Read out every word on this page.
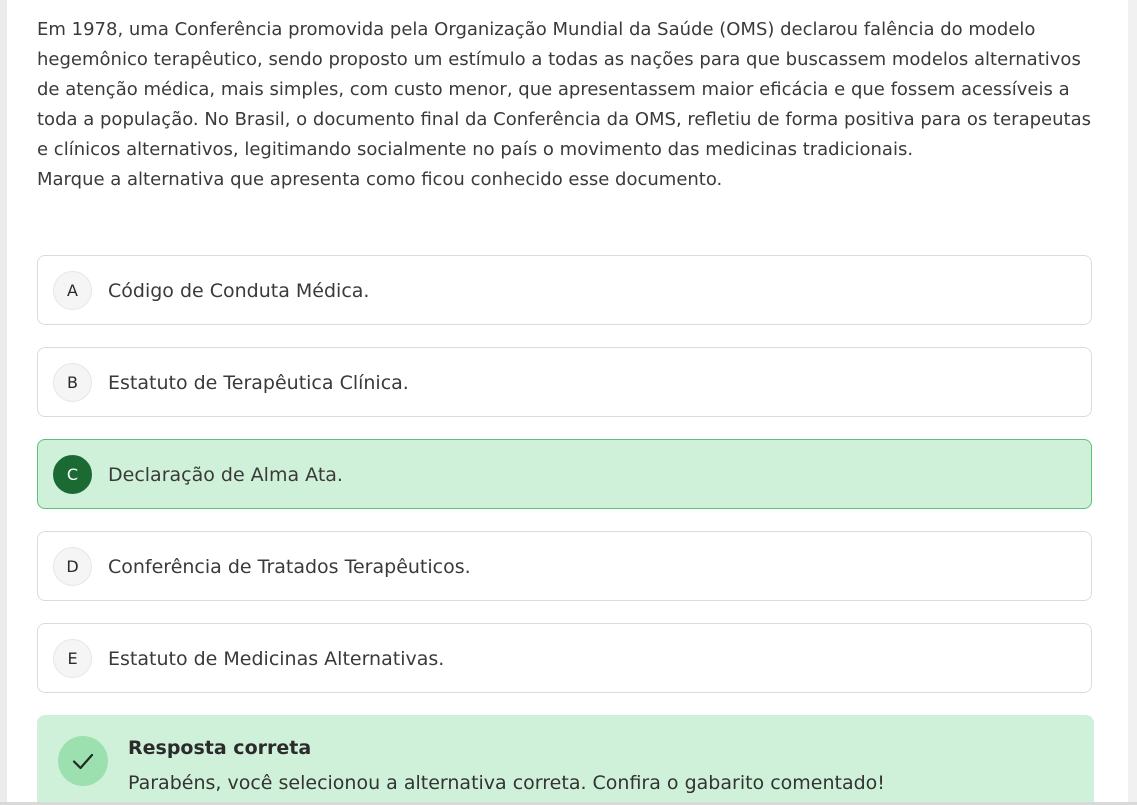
Em 1978, uma Conferência promovida pela Organização Mundial da Saúde (OMS) declarou falência do modelo hegemônico terapêutico, sendo proposto um estímulo a todas as nações para que buscassem modelos alternativos de atenção médica, mais simples, com custo menor, que apresentassem maior eficácia e que fossem acessíveis a toda a população. No Brasil, o documento final da Conferência da OMS, refletiu de forma positiva para os terapeutas e clínicos alternativos, legitimando socialmente no país o movimento das medicinas tradicionais.

Marque a alternativa que apresenta como ficou conhecido esse documento.

A	Código de Conduta Médica.
B	Estatuto de Terapêutica Clínica.
C	Declaração de Alma Ata.
D	Conferência de Tratados Terapêuticos.
E	Estatuto de Medicinas Alternativas.
Resposta correta
Parabéns, você selecionou a alternativa correta. Confira o gabarito comentado!
